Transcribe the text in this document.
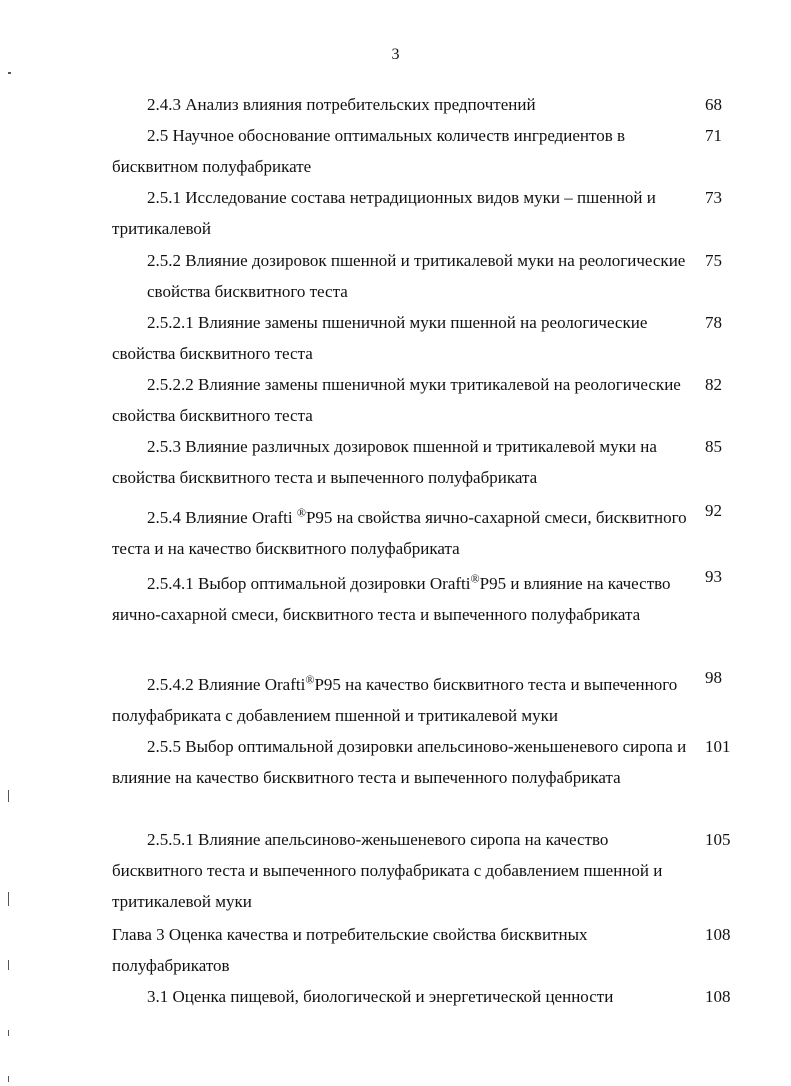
3
2.4.3 Анализ влияния потребительских предпочтений	68
2.5 Научное обоснование оптимальных количеств ингредиентов в бисквитном полуфабрикате
71
2.5.1 Исследование состава нетрадиционных видов муки – пшенной и тритикалевой
73
2.5.2 Влияние дозировок пшенной и тритикалевой муки на реологические свойства бисквитного теста
75
2.5.2.1 Влияние замены пшеничной муки пшенной на реологические свойства бисквитного теста
78
2.5.2.2 Влияние замены пшеничной муки тритикалевой на реологические свойства бисквитного теста
82
2.5.3 Влияние различных дозировок пшенной и тритикалевой муки на свойства бисквитного теста и выпеченного полуфабриката
85
2.5.4 Влияние Orafti ®P95 на свойства яично-сахарной смеси, бисквитного теста и на качество бисквитного полуфабриката
92
2.5.4.1 Выбор оптимальной дозировки Orafti®P95 и влияние на качество яично-сахарной смеси, бисквитного теста и выпеченного полуфабриката
93
2.5.4.2 Влияние Orafti®P95 на качество бисквитного теста и выпеченного полуфабриката с добавлением пшенной и тритикалевой муки
98
2.5.5 Выбор оптимальной дозировки апельсиново-женьшеневого сиропа и влияние на качество бисквитного теста и выпеченного полуфабриката
101
2.5.5.1 Влияние апельсиново-женьшеневого сиропа на качество бисквитного теста и выпеченного полуфабриката с добавлением пшенной и тритикалевой муки
105
Глава 3 Оценка качества и потребительские свойства бисквитных полуфабрикатов
108
3.1 Оценка пищевой, биологической и энергетической ценности	108
